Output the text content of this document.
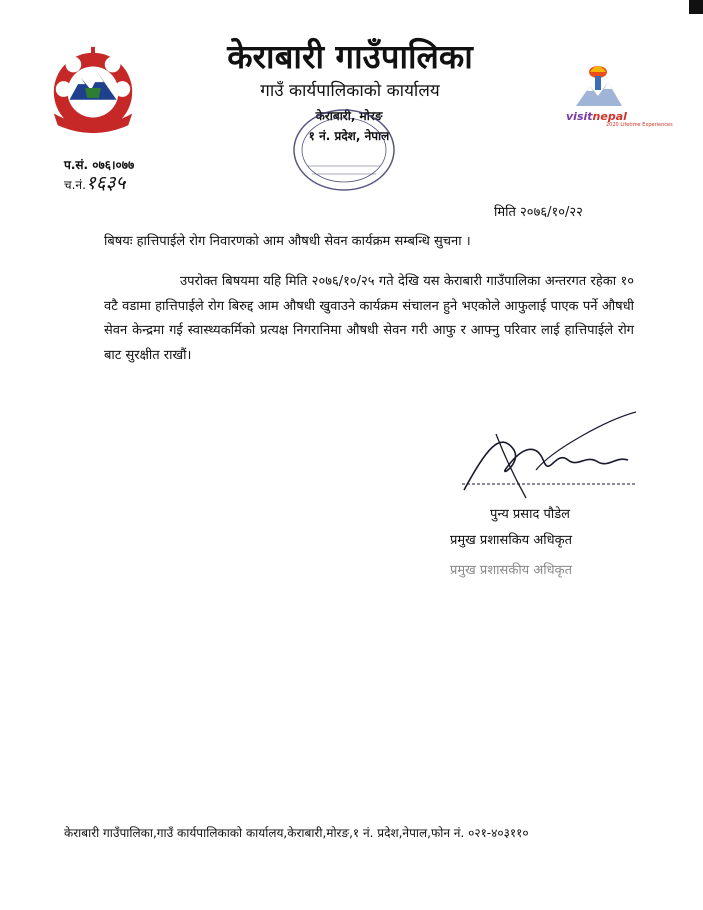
केराबारी गाउँपालिका
गाउँ कार्यपालिकाको कार्यालय
केराबारी, मोरङ
१ नं. प्रदेश, नेपाल
visitnepal
2020 Lifetime Experiences
प.सं. ०७६।०७७
च.नं.१६३५
मिति २०७६/१०/२२
बिषयः हात्तिपाईले रोग निवारणको आम औषधी सेवन कार्यक्रम सम्बन्धि सुचना ।
उपरोक्त बिषयमा यहि मिति २०७६/१०/२५ गते देखि यस केराबारी गाउँपालिका अन्तरगत रहेका १० वटै वडामा हात्तिपाईले रोग बिरुद्द आम औषधी खुवाउने कार्यक्रम संचालन हुने भएकोले आफुलाई पाएक पर्ने औषधी सेवन केन्द्रमा गई स्वास्थ्यकर्मिको प्रत्यक्ष निगरानिमा औषधी सेवन गरी आफु र आफ्नु परिवार लाई हात्तिपाईले रोग बाट सुरक्षीत राखौं।
पुन्य प्रसाद पौडेल
प्रमुख प्रशासकिय अधिकृत
प्रमुख प्रशासकीय अधिकृत
केराबारी गाउँपालिका,गाउँ कार्यपालिकाको कार्यालय,केराबारी,मोरङ,१ नं. प्रदेश,नेपाल,फोन नं. ०२१-४०३११०
